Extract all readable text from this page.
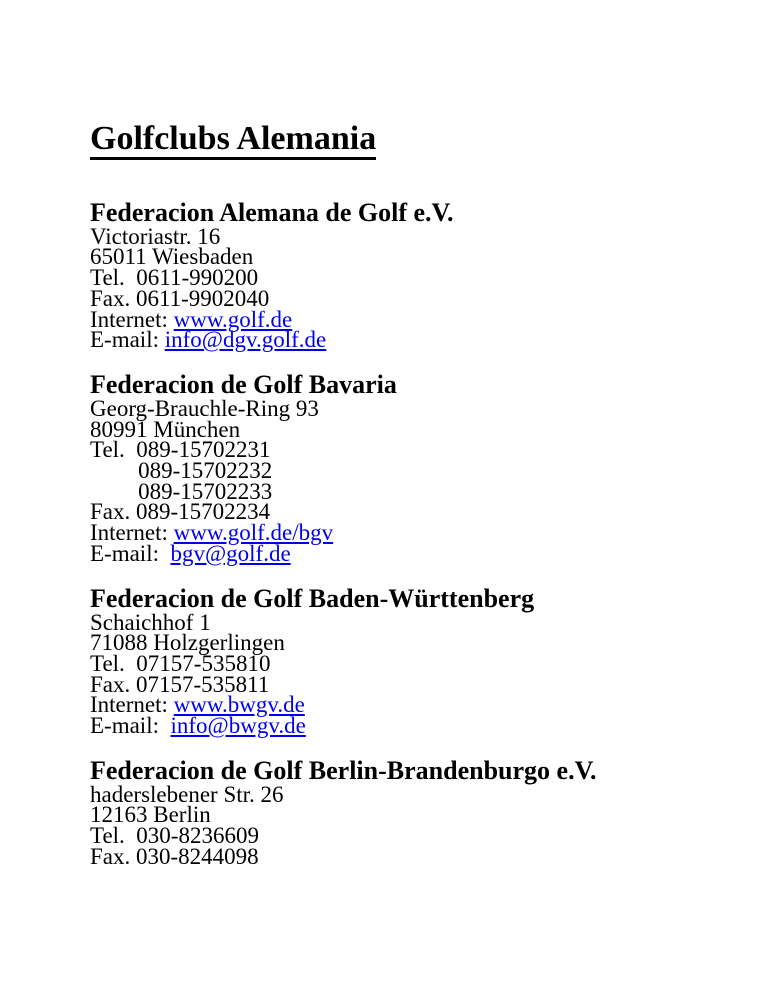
Golfclubs Alemania
Federacion Alemana de Golf e.V.
Victoriastr. 16
65011 Wiesbaden
Tel.  0611-990200
Fax. 0611-9902040
Internet: www.golf.de
E-mail: info@dgv.golf.de
Federacion de Golf Bavaria
Georg-Brauchle-Ring 93
80991 München
Tel.  089-15702231
089-15702232
089-15702233
Fax. 089-15702234
Internet: www.golf.de/bgv
E-mail:  bgv@golf.de
Federacion de Golf Baden-Württenberg
Schaichhof 1
71088 Holzgerlingen
Tel.  07157-535810
Fax. 07157-535811
Internet: www.bwgv.de
E-mail:  info@bwgv.de
Federacion de Golf Berlin-Brandenburgo e.V.
haderslebener Str. 26
12163 Berlin
Tel.  030-8236609
Fax. 030-8244098
